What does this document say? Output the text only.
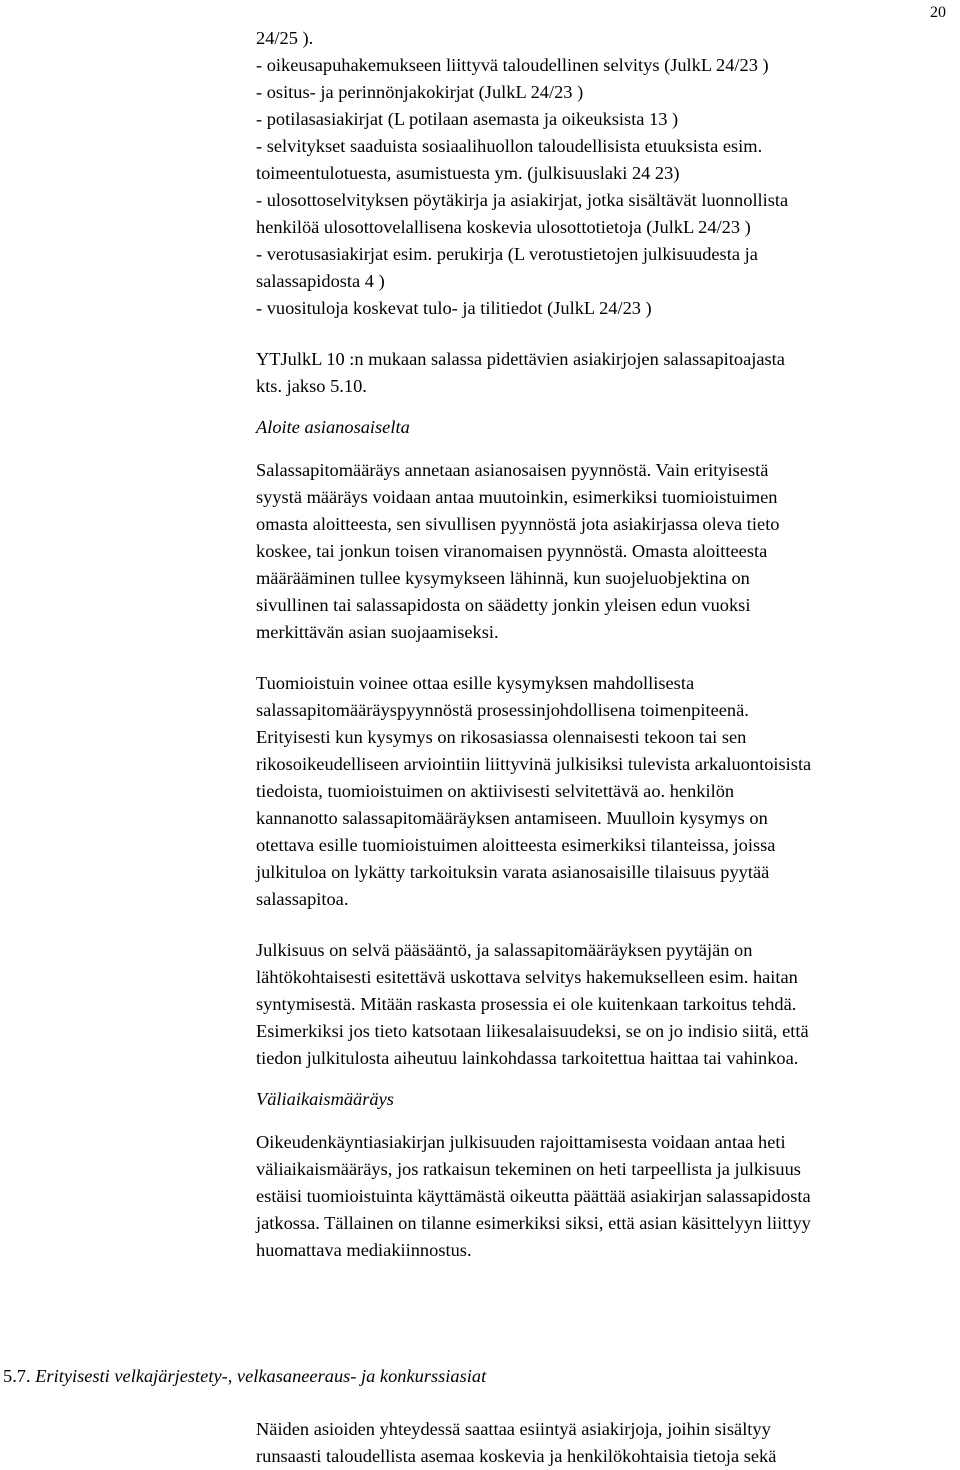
20
24/25 ).
- oikeusapuhakemukseen liittyvä taloudellinen selvitys (JulkL 24/23 )
- ositus- ja perinnönjakokirjat (JulkL 24/23 )
- potilasasiakirjat (L potilaan asemasta ja oikeuksista 13 )
- selvitykset saaduista sosiaalihuollon taloudellisista etuuksista esim.
toimeentulotuesta, asumistuesta ym. (julkisuuslaki 24 23)
- ulosottoselvityksen pöytäkirja ja asiakirjat, jotka sisältävät luonnollista
henkilöä ulosottovelallisena koskevia ulosottotietoja (JulkL 24/23 )
- verotusasiakirjat esim. perukirja (L verotustietojen julkisuudesta ja
salassapidosta 4 )
- vuosituloja koskevat tulo- ja tilitiedot (JulkL 24/23 )
YTJulkL 10 :n mukaan salassa pidettävien asiakirjojen salassapitoajasta
kts. jakso 5.10.
Aloite asianosaiselta
Salassapitomääräys annetaan asianosaisen pyynnöstä. Vain erityisestä
syystä määräys voidaan antaa muutoinkin, esimerkiksi tuomioistuimen
omasta aloitteesta, sen sivullisen pyynnöstä jota asiakirjassa oleva tieto
koskee, tai jonkun toisen viranomaisen pyynnöstä. Omasta aloitteesta
määrääminen tullee kysymykseen lähinnä, kun suojeluobjektina on
sivullinen tai salassapidosta on säädetty jonkin yleisen edun vuoksi
merkittävän asian suojaamiseksi.
Tuomioistuin voinee ottaa esille kysymyksen mahdollisesta
salassapitomääräyspyynnöstä prosessinjohdollisena toimenpiteenä.
Erityisesti kun kysymys on rikosasiassa olennaisesti tekoon tai sen
rikosoikeudelliseen arviointiin liittyvinä julkisiksi tulevista arkaluontoisista
tiedoista, tuomioistuimen on aktiivisesti selvitettävä ao. henkilön
kannanotto salassapitomääräyksen antamiseen. Muulloin kysymys on
otettava esille tuomioistuimen aloitteesta esimerkiksi tilanteissa, joissa
julkituloa on lykätty tarkoituksin varata asianosaisille tilaisuus pyytää
salassapitoa.
Julkisuus on selvä pääsääntö, ja salassapitomääräyksen pyytäjän on
lähtökohtaisesti esitettävä uskottava selvitys hakemukselleen esim. haitan
syntymisestä. Mitään raskasta prosessia ei ole kuitenkaan tarkoitus tehdä.
Esimerkiksi jos tieto katsotaan liikesalaisuudeksi, se on jo indisio siitä, että
tiedon julkitulosta aiheutuu lainkohdassa tarkoitettua haittaa tai vahinkoa.
Väliaikaismääräys
Oikeudenkäyntiasiakirjan julkisuuden rajoittamisesta voidaan antaa heti
väliaikaismääräys, jos ratkaisun tekeminen on heti tarpeellista ja julkisuus
estäisi tuomioistuinta käyttämästä oikeutta päättää asiakirjan salassapidosta
jatkossa. Tällainen on tilanne esimerkiksi siksi, että asian käsittelyyn liittyy
huomattava mediakiinnostus.
5.7. Erityisesti velkajärjestety-, velkasaneeraus- ja konkurssiasiat
Näiden asioiden yhteydessä saattaa esiintyä asiakirjoja, joihin sisältyy
runsaasti taloudellista asemaa koskevia ja henkilökohtaisia tietoja sekä
